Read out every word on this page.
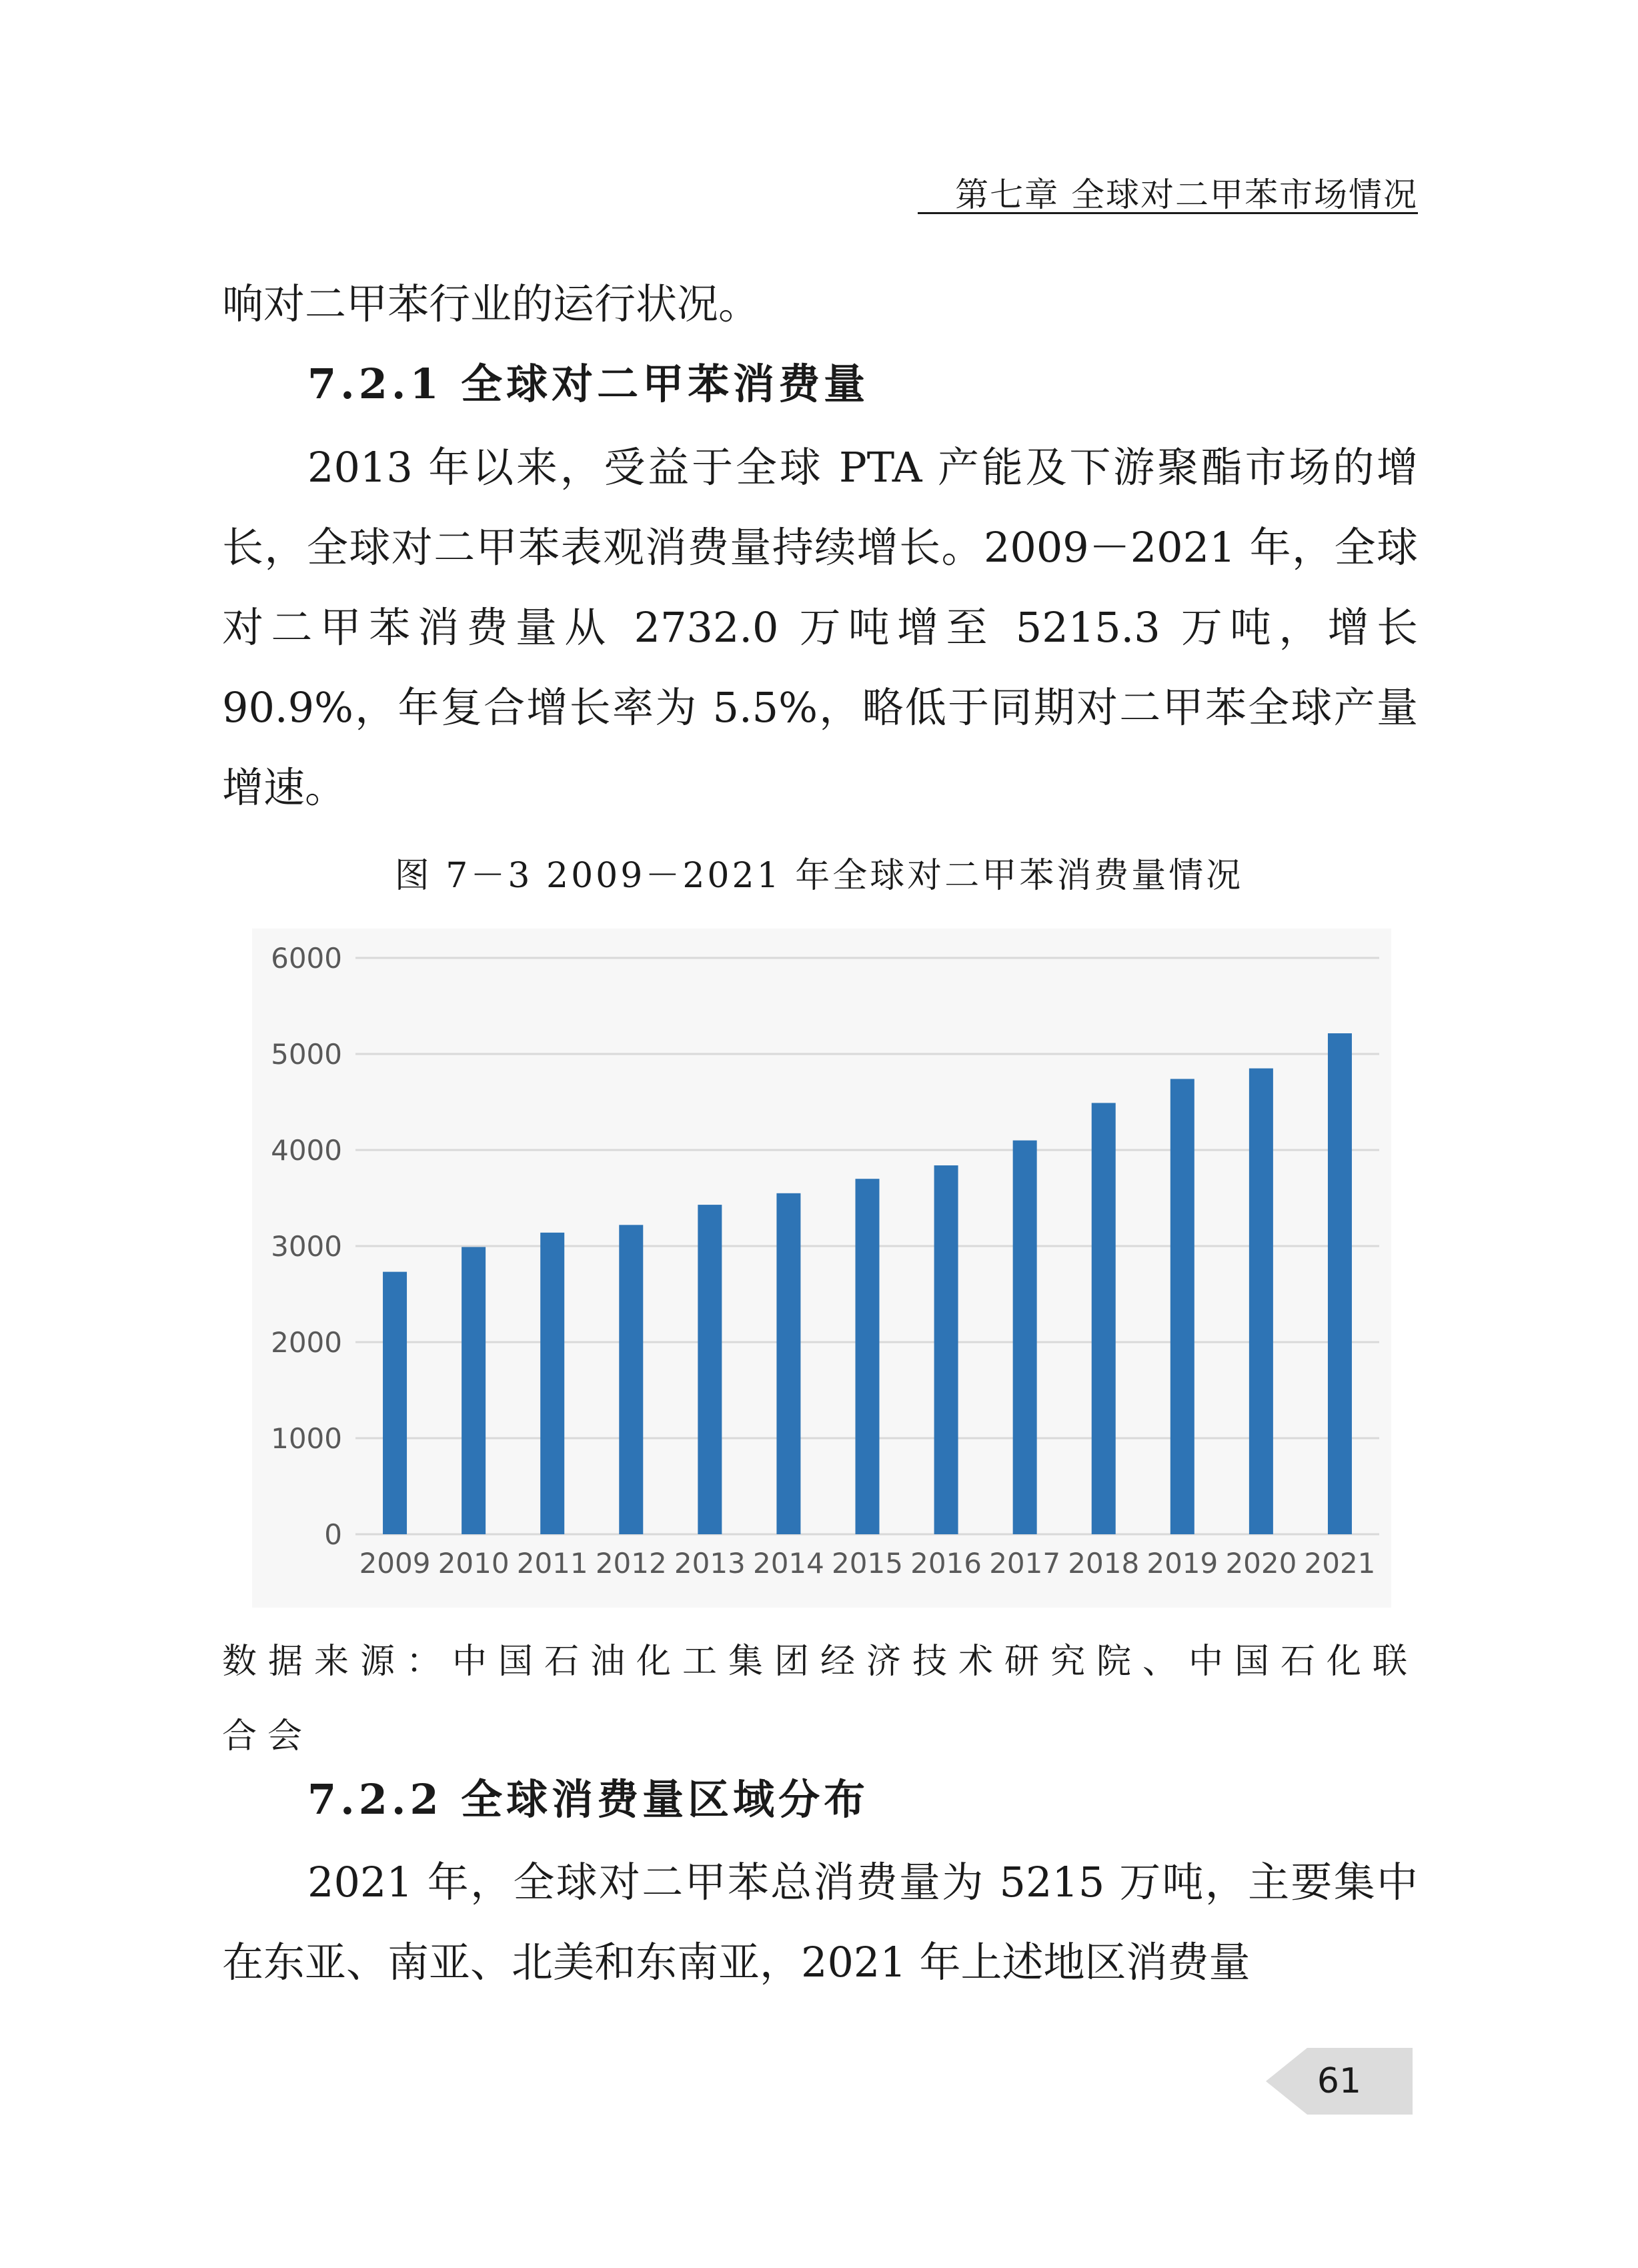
第七章 全球对二甲苯市场情况

响对二甲苯行业的运行状况。

7.2.1 全球对二甲苯消费量

2013 年以来，受益于全球 PTA 产能及下游聚酯市场的增长，全球对二甲苯表观消费量持续增长。2009－2021 年，全球对二甲苯消费量从 2732.0 万吨增至 5215.3 万吨，增长 90.9%，年复合增长率为 5.5%，略低于同期对二甲苯全球产量增速。

图 7－3 2009－2021 年全球对二甲苯消费量情况
0
1000
2000
3000
4000
5000
6000
2009 2010 2011 2012 2013 2014 2015 2016 2017 2018 2019 2020 2021

数据来源：中国石油化工集团经济技术研究院、中国石化联合会

7.2.2 全球消费量区域分布

2021 年，全球对二甲苯总消费量为 5215 万吨，主要集中在东亚、南亚、北美和东南亚，2021 年上述地区消费量

61
